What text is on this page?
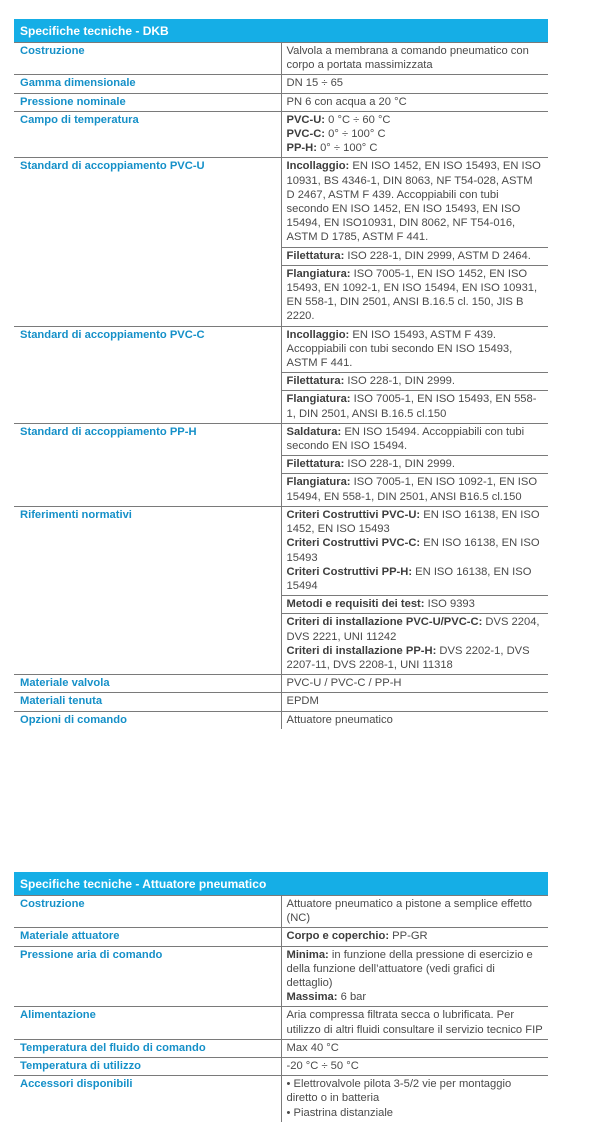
Specifiche tecniche - DKB	
Costruzione	Valvola a membrana a comando pneumatico con corpo a portata massimizzata
Gamma dimensionale	DN 15 ÷ 65
Pressione nominale	PN 6 con acqua a 20 °C
Campo di temperatura	PVC-U: 0 °C ÷ 60 °C
PVC-C: 0° ÷ 100° C
PP-H: 0° ÷ 100° C

Standard di accoppiamento PVC-U	Incollaggio: EN ISO 1452, EN ISO 15493, EN ISO 10931, BS 4346-1, DIN 8063, NF T54-028, ASTM D 2467, ASTM F 439. Accoppiabili con tubi secondo EN ISO 1452, EN ISO 15493, EN ISO 15494, EN ISO10931, DIN 8062, NF T54-016, ASTM D 1785, ASTM F 441.
	Filettatura: ISO 228-1, DIN 2999, ASTM D 2464.
	Flangiatura: ISO 7005-1, EN ISO 1452, EN ISO 15493, EN 1092-1, EN ISO 15494, EN ISO 10931, EN 558-1, DIN 2501, ANSI B.16.5 cl. 150, JIS B 2220.
Standard di accoppiamento PVC-C	Incollaggio: EN ISO 15493, ASTM F 439. Accoppiabili con tubi secondo EN ISO 15493, ASTM F 441.
	Filettatura: ISO 228-1, DIN 2999.
	Flangiatura: ISO 7005-1, EN ISO 15493, EN 558-1, DIN 2501, ANSI B.16.5 cl.150
Standard di accoppiamento PP-H	Saldatura: EN ISO 15494. Accoppiabili con tubi secondo EN ISO 15494.
	Filettatura: ISO 228-1, DIN 2999.
	Flangiatura: ISO 7005-1, EN ISO 1092-1, EN ISO 15494, EN 558-1, DIN 2501, ANSI B16.5 cl.150
Riferimenti normativi	Criteri Costruttivi PVC-U: EN ISO 16138, EN ISO 1452, EN ISO 15493
Criteri Costruttivi PVC-C: EN ISO 16138, EN ISO 15493
Criteri Costruttivi PP-H: EN ISO 16138, EN ISO 15494

	Metodi e requisiti dei test: ISO 9393

	Criteri di installazione PVC-U/PVC-C: DVS 2204, DVS 2221, UNI 11242
Criteri di installazione PP-H: DVS 2202-1, DVS 2207-11, DVS 2208-1, UNI 11318

Materiale valvola	PVC-U / PVC-C / PP-H
Materiali tenuta	EPDM
Opzioni di comando	Attuatore pneumatico
Specifiche tecniche - Attuatore pneumatico	
Costruzione	Attuatore pneumatico a pistone a semplice effetto (NC)
Materiale attuatore	Corpo e coperchio: PP-GR
Pressione aria di comando	Minima: in funzione della pressione di esercizio e della funzione dell’attuatore (vedi grafici di dettaglio)
Massima: 6 bar

Alimentazione	Aria compressa filtrata secca o lubrificata. Per utilizzo di altri fluidi consultare il servizio tecnico FIP
Temperatura del fluido di comando	Max 40 °C
Temperatura di utilizzo	-20 °C ÷ 50 °C
Accessori disponibili	• Elettrovalvole pilota 3-5/2 vie per montaggio diretto o in batteria
• Piastrina distanziale
